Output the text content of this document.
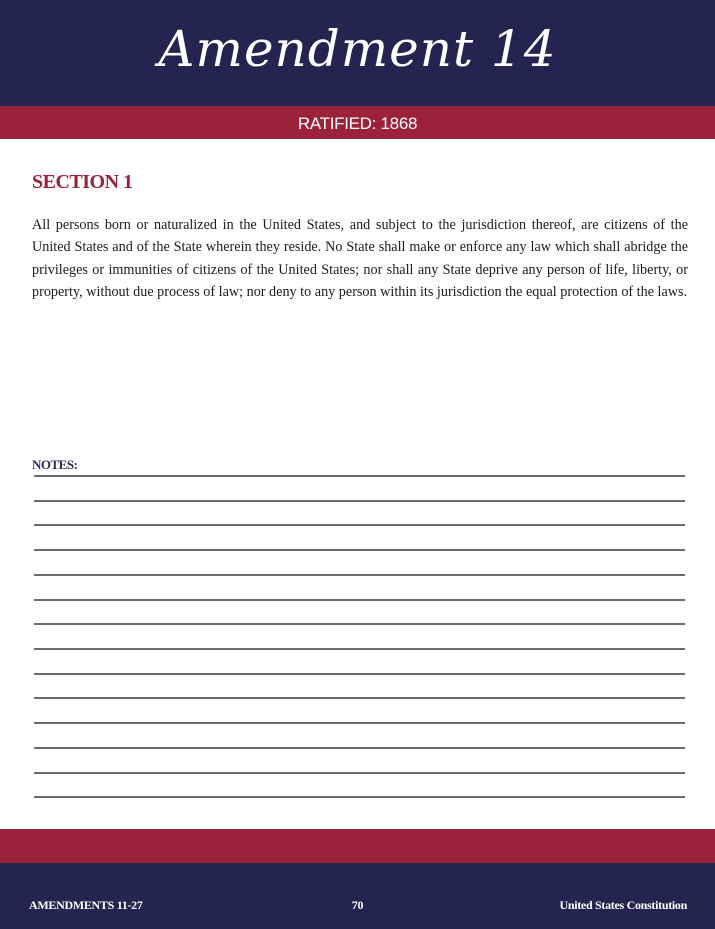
Amendment 14
RATIFIED: 1868
SECTION 1
All persons born or naturalized in the United States, and subject to the jurisdiction thereof, are citizens of the United States and of the State wherein they reside. No State shall make or enforce any law which shall abridge the privileges or immunities of citizens of the United States; nor shall any State deprive any person of life, liberty, or property, without due process of law; nor deny to any person within its jurisdiction the equal protection of the laws.
NOTES:
AMENDMENTS 11-27	70	United States Constitution
